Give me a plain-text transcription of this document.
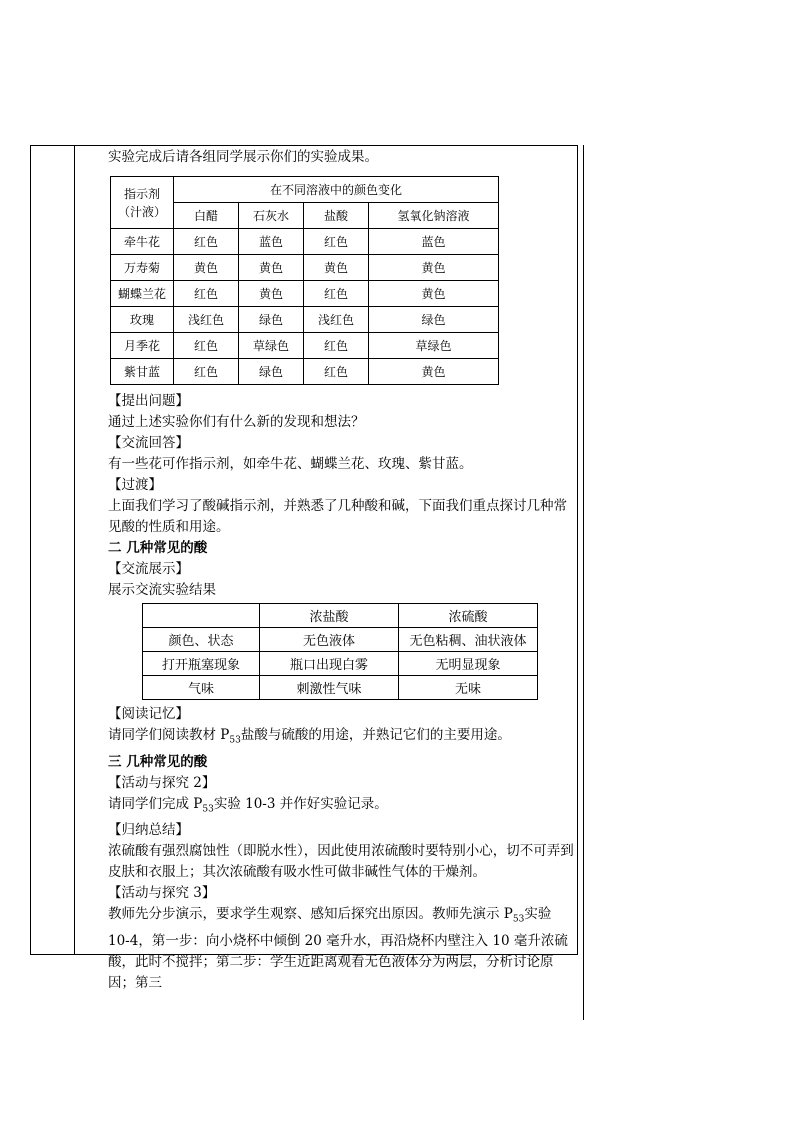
实验完成后请各组同学展示你们的实验成果。
指示剂
（汁液）	在不同溶液中的颜色变化			
	白醋	石灰水	盐酸	氢氧化钠溶液
牵牛花	红色	蓝色	红色	蓝色
万寿菊	黄色	黄色	黄色	黄色
蝴蝶兰花	红色	黄色	红色	黄色
玫瑰	浅红色	绿色	浅红色	绿色
月季花	红色	草绿色	红色	草绿色
紫甘蓝	红色	绿色	红色	黄色
【提出问题】
通过上述实验你们有什么新的发现和想法？
【交流回答】
有一些花可作指示剂，如牵牛花、蝴蝶兰花、玫瑰、紫甘蓝。
【过渡】
上面我们学习了酸碱指示剂，并熟悉了几种酸和碱，下面我们重点探讨几种常见酸的性质和用途。
二 几种常见的酸
【交流展示】
展示交流实验结果
	浓盐酸	浓硫酸
颜色、状态	无色液体	无色粘稠、油状液体
打开瓶塞现象	瓶口出现白雾	无明显现象
气味	刺激性气味	无味
【阅读记忆】
请同学们阅读教材 $P_{53}$盐酸与硫酸的用途，并熟记它们的主要用途。
三 几种常见的酸
【活动与探究 2】
请同学们完成 $P_{53}$实验 10-3 并作好实验记录。
【归纳总结】
浓硫酸有强烈腐蚀性（即脱水性），因此使用浓硫酸时要特别小心，切不可弄到皮肤和衣服上；其次浓硫酸有吸水性可做非碱性气体的干燥剂。
【活动与探究 3】
教师先分步演示，要求学生观察、感知后探究出原因。教师先演示 $P_{53}$实验 10-4，第一步：向小烧杯中倾倒 20 毫升水，再沿烧杯内壁注入 10 毫升浓硫酸，此时不搅拌；第二步：学生近距离观看无色液体分为两层，分析讨论原因；第三
